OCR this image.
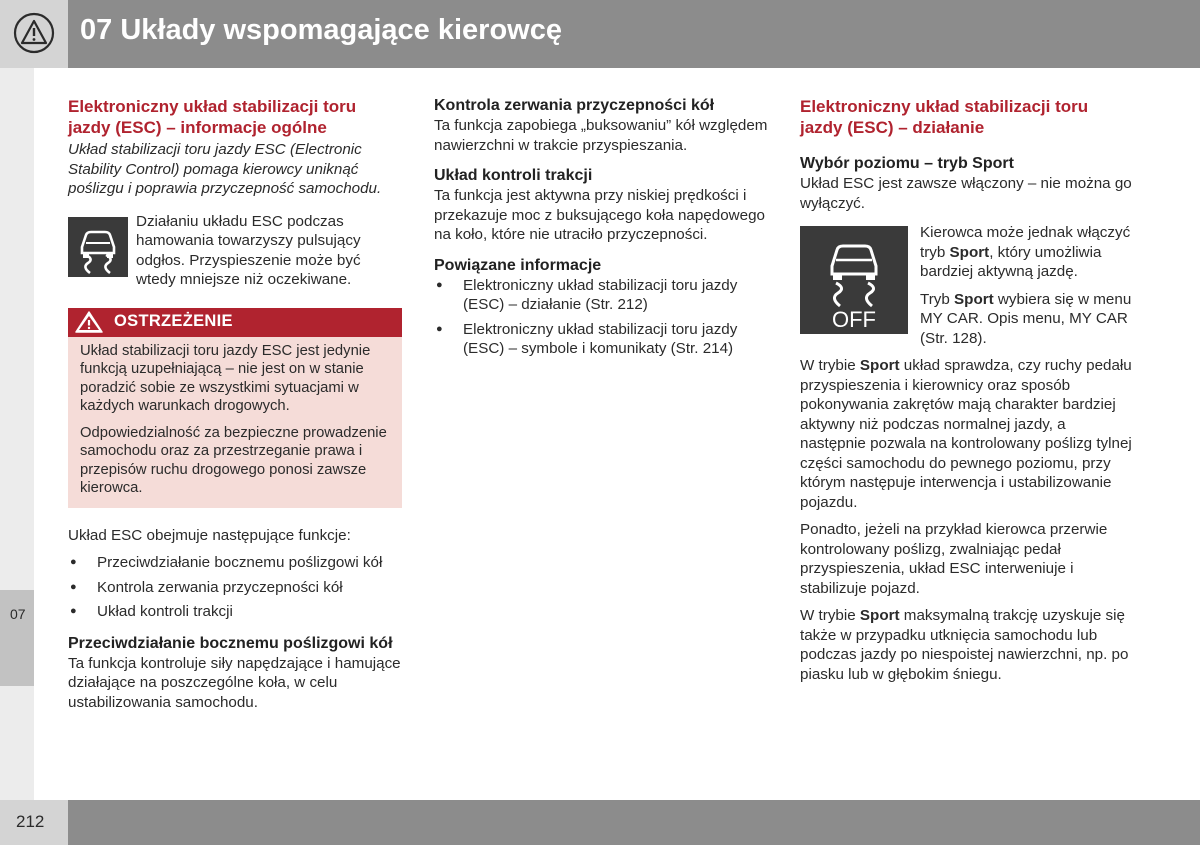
07 Układy wspomagające kierowcę
07
212
Elektroniczny układ stabilizacji toru jazdy (ESC) – informacje ogólne

Układ stabilizacji toru jazdy ESC (Electronic Stability Control) pomaga kierowcy uniknąć poślizgu i poprawia przyczepność samochodu.

Działaniu układu ESC podczas hamowania towarzyszy pulsujący odgłos. Przyspieszenie może być wtedy mniejsze niż oczekiwane.

OSTRZEŻENIE

Układ stabilizacji toru jazdy ESC jest jedynie funkcją uzupełniającą – nie jest on w stanie poradzić sobie ze wszystkimi sytuacjami w każdych warunkach drogowych.

Odpowiedzialność za bezpieczne prowadzenie samochodu oraz za przestrzeganie prawa i przepisów ruchu drogowego ponosi zawsze kierowca.

Układ ESC obejmuje następujące funkcje:

● Przeciwdziałanie bocznemu poślizgowi kół
● Kontrola zerwania przyczepności kół
● Układ kontroli trakcji
Przeciwdziałanie bocznemu poślizgowi kół

Ta funkcja kontroluje siły napędzające i hamujące działające na poszczególne koła, w celu ustabilizowania samochodu.

Kontrola zerwania przyczepności kół

Ta funkcja zapobiega „buksowaniu” kół względem nawierzchni w trakcie przyspieszania.

Układ kontroli trakcji

Ta funkcja jest aktywna przy niskiej prędkości i przekazuje moc z buksującego koła napędowego na koło, które nie utraciło przyczepności.

Powiązane informacje
● Elektroniczny układ stabilizacji toru jazdy (ESC) – działanie (Str. 212)
● Elektroniczny układ stabilizacji toru jazdy (ESC) – symbole i komunikaty (Str. 214)
Elektroniczny układ stabilizacji toru jazdy (ESC) – działanie
Wybór poziomu – tryb Sport

Układ ESC jest zawsze włączony – nie można go wyłączyć.

OFF

Kierowca może jednak włączyć tryb Sport, który umożliwia bardziej aktywną jazdę.

Tryb Sport wybiera się w menu MY CAR. Opis menu, MY CAR (Str. 128).

W trybie Sport układ sprawdza, czy ruchy pedału przyspieszenia i kierownicy oraz sposób pokonywania zakrętów mają charakter bardziej aktywny niż podczas normalnej jazdy, a następnie pozwala na kontrolowany poślizg tylnej części samochodu do pewnego poziomu, przy którym następuje interwencja i ustabilizowanie pojazdu.

Ponadto, jeżeli na przykład kierowca przerwie kontrolowany poślizg, zwalniając pedał przyspieszenia, układ ESC interweniuje i stabilizuje pojazd.

W trybie Sport maksymalną trakcję uzyskuje się także w przypadku utknięcia samochodu lub podczas jazdy po niespoistej nawierzchni, np. po piasku lub w głębokim śniegu.
